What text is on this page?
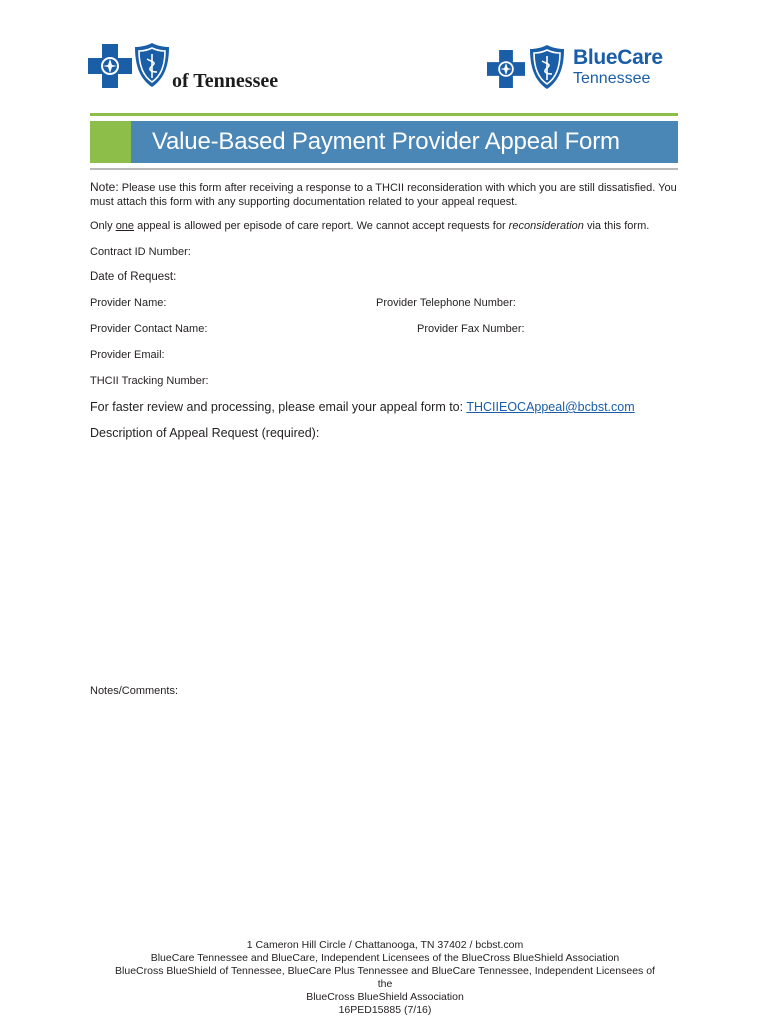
of Tennessee
BlueCare
Tennessee
Value-Based Payment Provider Appeal Form
Note: Please use this form after receiving a response to a THCII reconsideration with which you are still dissatisfied. You must attach this form with any supporting documentation related to your appeal request.
Only one appeal is allowed per episode of care report. We cannot accept requests for reconsideration via this form.
Contract ID Number:
Date of Request:
Provider Name:	Provider Telephone Number:
Provider Contact Name:	Provider Fax Number:
Provider Email:
THCII Tracking Number:
For faster review and processing, please email your appeal form to: THCIIEOCAppeal@bcbst.com
Description of Appeal Request (required):
Notes/Comments:
1 Cameron Hill Circle / Chattanooga, TN 37402 / bcbst.com
BlueCare Tennessee and BlueCare, Independent Licensees of the BlueCross BlueShield Association
BlueCross BlueShield of Tennessee, BlueCare Plus Tennessee and BlueCare Tennessee, Independent Licensees of the
BlueCross BlueShield Association
16PED15885 (7/16)
